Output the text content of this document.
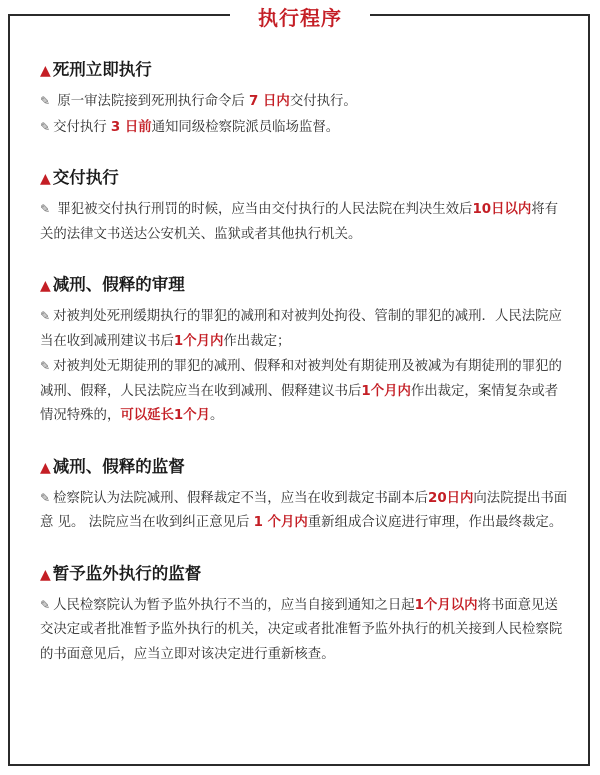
执行程序
▲ 死刑立即执行

✎ 原一审法院接到死刑执行命令后 7 日内交付执行。

✎ 交付执行 3 日前通知同级检察院派员临场监督。

▲ 交付执行

✎ 罪犯被交付执行刑罚的时候，应当由交付执行的人民法院在判决生效后10日以内将有关的法律文书送达公安机关、监狱或者其他执行机关。

▲ 减刑、假释的审理

✎ 对被判处死刑缓期执行的罪犯的减刑和对被判处拘役、管制的罪犯的减刑．人民法院应当在收到减刑建议书后1个月内作出裁定；

✎ 对被判处无期徒刑的罪犯的减刑、假释和对被判处有期徒刑及被减为有期徒刑的罪犯的减刑、假释，人民法院应当在收到减刑、假释建议书后1个月内作出裁定，案情复杂或者情况特殊的，可以延长1个月。

▲ 减刑、假释的监督

✎ 检察院认为法院减刑、假释裁定不当，应当在收到裁定书副本后20日内向法院提出书面意 见。 法院应当在收到纠正意见后 1 个月内重新组成合议庭进行审理，作出最终裁定。

▲ 暂予监外执行的监督

✎ 人民检察院认为暂予监外执行不当的，应当自接到通知之日起1个月以内将书面意见送交决定或者批准暂予监外执行的机关，决定或者批准暂予监外执行的机关接到人民检察院的书面意见后，应当立即对该决定进行重新核查。
